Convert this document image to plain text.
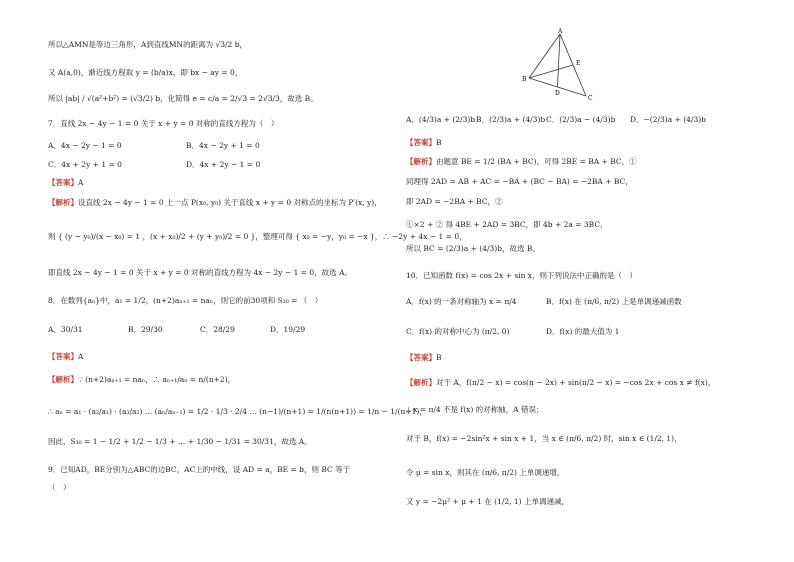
所以△AMN是等边三角形，A到直线MN的距离为 √3/2 b，
又 A(a,0)，渐近线方程取 y = (b/a)x，即 bx − ay = 0，
所以 |ab| / √(a²+b²) = (√3/2) b，化简得 e = c/a = 2/√3 = 2√3/3，故选 B。
7．直线 2x − 4y − 1 = 0 关于 x + y = 0 对称的直线方程为（　）
A．4x − 2y − 1 = 0	B．4x − 2y + 1 = 0
C．4x + 2y + 1 = 0	D．4x + 2y − 1 = 0
【答案】A
【解析】设直线 2x − 4y − 1 = 0 上一点 P(x₀, y₀) 关于直线 x + y = 0 对称点的坐标为 P′(x, y)，
则 { (y − y₀)/(x − x₀) = 1 ，(x + x₀)/2 + (y + y₀)/2 = 0 }，整理可得 { x₀ = −y，y₀ = −x }，∴ −2y + 4x − 1 = 0，
即直线 2x − 4y − 1 = 0 关于 x + y = 0 对称的直线方程为 4x − 2y − 1 = 0，故选 A。
8．在数列{aₙ}中，a₁ = 1/2，(n+2)aₙ₊₁ = naₙ，则它的前30项和 S₃₀ = （　）
A．30/31	B．29/30	C．28/29	D．19/29
【答案】A
【解析】∵ (n+2)aₙ₊₁ = naₙ，∴ aₙ₊₁/aₙ = n/(n+2)，
∴ aₙ = a₁ · (a₂/a₁) · (a₃/a₂) … (aₙ/aₙ₋₁) = 1/2 · 1/3 · 2/4 … (n−1)/(n+1) = 1/(n(n+1)) = 1/n − 1/(n+1)，
因此，S₃₀ = 1 − 1/2 + 1/2 − 1/3 + … + 1/30 − 1/31 = 30/31，故选 A。
9．已知AD，BE分别为△ABC的边BC，AC上的中线，设 AD = a，BE = b，则 BC 等于
（　）
A
B
C
D
E
A．(4/3)a + (2/3)b B．(2/3)a + (4/3)b C．(2/3)a − (4/3)b D．−(2/3)a + (4/3)b
【答案】B
【解析】由题意 BE = 1/2 (BA + BC)，可得 2BE = BA + BC，①
同理得 2AD = AB + AC = −BA + (BC − BA) = −2BA + BC，
即 2AD = −2BA + BC，②
①×2 + ② 得 4BE + 2AD = 3BC，即 4b + 2a = 3BC，
所以 BC = (2/3)a + (4/3)b，故选 B。
10．已知函数 f(x) = cos 2x + sin x，则下列说法中正确的是（　）
A．f(x) 的一条对称轴为 x = π/4	B．f(x) 在 (π/6, π/2) 上是单调递减函数
C．f(x) 的对称中心为 (π/2, 0)	D．f(x) 的最大值为 1
【答案】B
【解析】对于 A，f(π/2 − x) = cos(π − 2x) + sin(π/2 − x) = −cos 2x + cos x ≠ f(x)，
∴ x = π/4 不是 f(x) 的对称轴，A 错误；
对于 B，f(x) = −2sin²x + sin x + 1，当 x ∈ (π/6, π/2) 时，sin x ∈ (1/2, 1)，
令 μ = sin x，则其在 (π/6, π/2) 上单调递增，
又 y = −2μ² + μ + 1 在 (1/2, 1) 上单调递减，
